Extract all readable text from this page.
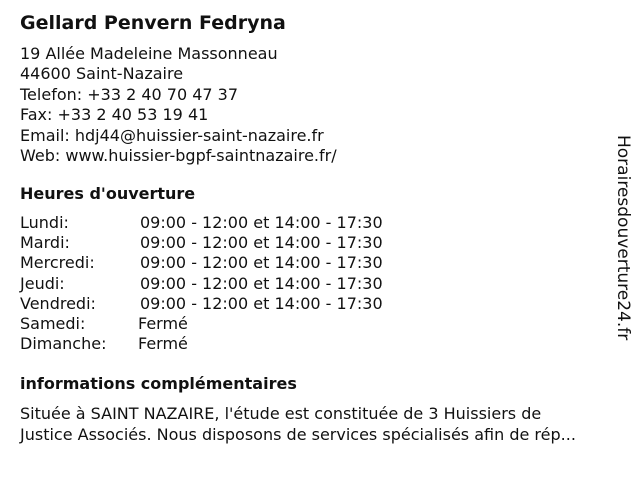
Gellard Penvern Fedryna
19 Allée Madeleine Massonneau
44600 Saint-Nazaire
Telefon: +33 2 40 70 47 37
Fax: +33 2 40 53 19 41
Email: hdj44@huissier-saint-nazaire.fr
Web: www.huissier-bgpf-saintnazaire.fr/
Heures d'ouverture
Lundi:	09:00 - 12:00 et 14:00 - 17:30
Mardi:	09:00 - 12:00 et 14:00 - 17:30
Mercredi:	09:00 - 12:00 et 14:00 - 17:30
Jeudi:	09:00 - 12:00 et 14:00 - 17:30
Vendredi:	09:00 - 12:00 et 14:00 - 17:30
Samedi:	Fermé
Dimanche: Fermé
informations complémentaires
Située à SAINT NAZAIRE, l'étude est constituée de 3 Huissiers de
Justice Associés. Nous disposons de services spécialisés afin de rép...
Horairesdouverture24.fr
